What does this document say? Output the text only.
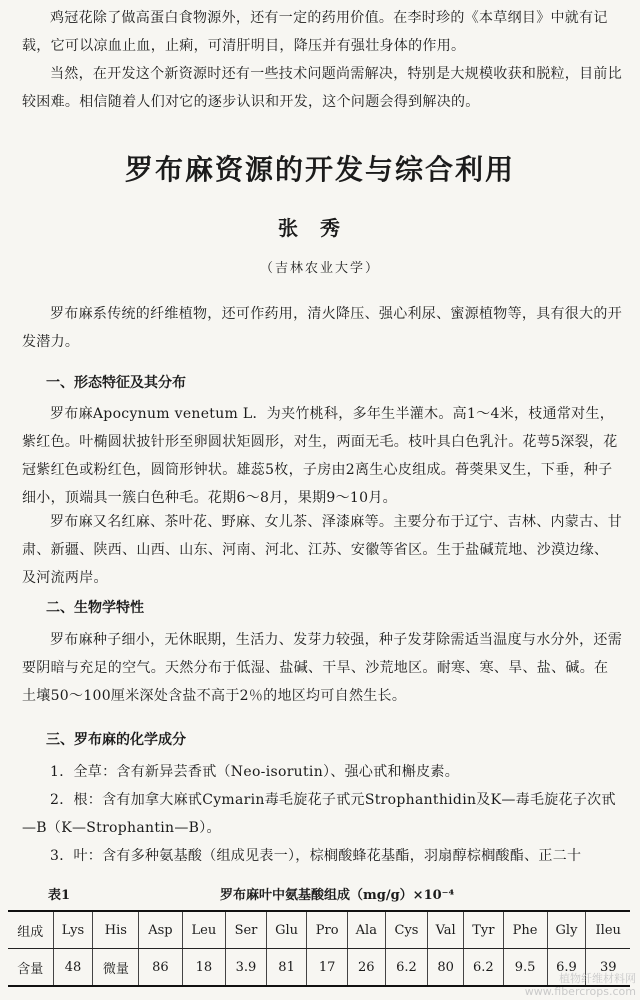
鸡冠花除了做高蛋白食物源外，还有一定的药用价值。在李时珍的《本草纲目》中就有记载，它可以凉血止血，止痢，可清肝明目，降压并有强壮身体的作用。

当然，在开发这个新资源时还有一些技术问题尚需解决，特别是大规模收获和脱粒，目前比较困难。相信随着人们对它的逐步认识和开发，这个问题会得到解决的。

罗布麻资源的开发与综合利用
张秀
（吉林农业大学）

罗布麻系传统的纤维植物，还可作药用，清火降压、强心利尿、蜜源植物等，具有很大的开发潜力。

一、形态特征及其分布

罗布麻Apocynum venetum L．为夹竹桃科，多年生半灌木。高1～4米，枝通常对生，紫红色。叶椭圆状披针形至卵圆状矩圆形，对生，两面无毛。枝叶具白色乳汁。花萼5深裂，花冠紫红色或粉红色，圆筒形钟状。雄蕊5枚，子房由2离生心皮组成。蓇葖果叉生，下垂，种子细小，顶端具一簇白色种毛。花期6～8月，果期9～10月。

罗布麻又名红麻、茶叶花、野麻、女儿茶、泽漆麻等。主要分布于辽宁、吉林、内蒙古、甘肃、新疆、陕西、山西、山东、河南、河北、江苏、安徽等省区。生于盐碱荒地、沙漠边缘、及河流两岸。

二、生物学特性

罗布麻种子细小，无休眠期，生活力、发芽力较强，种子发芽除需适当温度与水分外，还需要阴暗与充足的空气。天然分布于低湿、盐碱、干旱、沙荒地区。耐寒、寒、旱、盐、碱。在土壤50～100厘米深处含盐不高于2％的地区均可自然生长。

三、罗布麻的化学成分

1．全草：含有新异芸香甙（Neo-isorutin）、强心甙和槲皮素。

2．根：含有加拿大麻甙Cymarin毒毛旋花子甙元Strophanthidin及K—毒毛旋花子次甙—B（K—Strophantin—B）。

3．叶：含有多种氨基酸（组成见表一），棕榈酸蜂花基酯，羽扇醇棕榈酸酯、正二十

表1	罗布麻叶中氨基酸组成（mg/g）×10⁻⁴
组成	Lys	His	Asp	Leu	Ser	Glu	Pro	Ala	Cys	Val	Tyr	Phe	Gly	Ileu
含量	48	微量	86	18	3.9	81	17	26	6.2	80	6.2	9.5	6.9	39
植物纤维材料网
www.fibercrops.com
